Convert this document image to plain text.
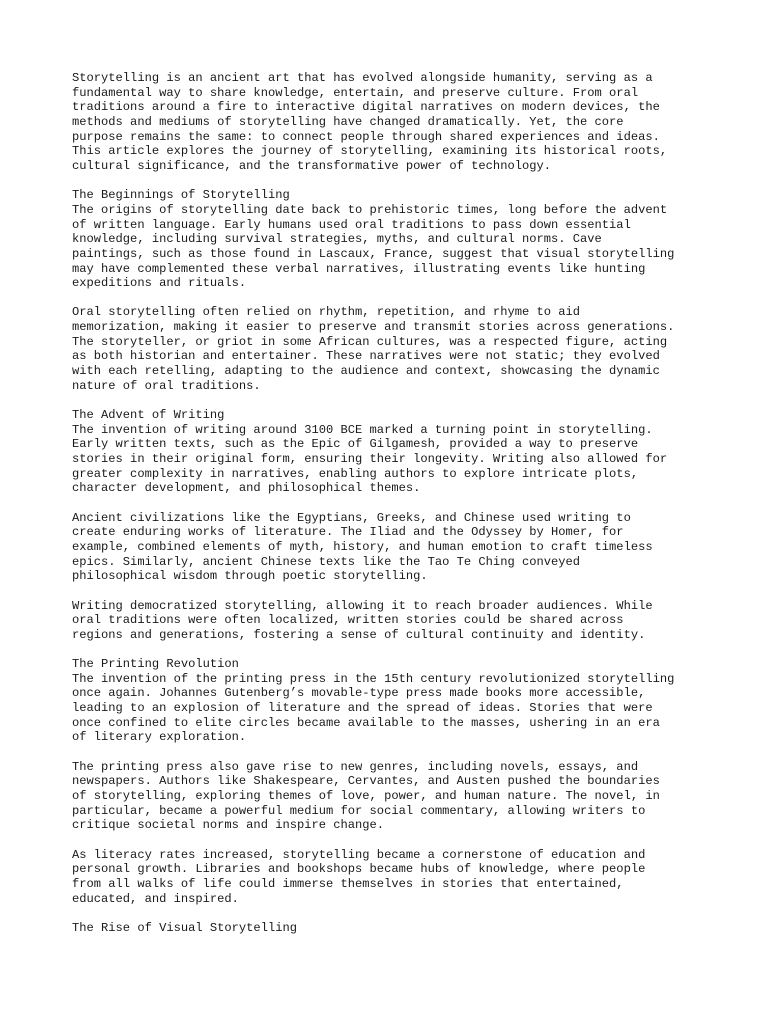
Storytelling is an ancient art that has evolved alongside humanity, serving as a
fundamental way to share knowledge, entertain, and preserve culture. From oral
traditions around a fire to interactive digital narratives on modern devices, the
methods and mediums of storytelling have changed dramatically. Yet, the core
purpose remains the same: to connect people through shared experiences and ideas.
This article explores the journey of storytelling, examining its historical roots,
cultural significance, and the transformative power of technology.

The Beginnings of Storytelling

The origins of storytelling date back to prehistoric times, long before the advent
of written language. Early humans used oral traditions to pass down essential
knowledge, including survival strategies, myths, and cultural norms. Cave
paintings, such as those found in Lascaux, France, suggest that visual storytelling
may have complemented these verbal narratives, illustrating events like hunting
expeditions and rituals.

Oral storytelling often relied on rhythm, repetition, and rhyme to aid
memorization, making it easier to preserve and transmit stories across generations.
The storyteller, or griot in some African cultures, was a respected figure, acting
as both historian and entertainer. These narratives were not static; they evolved
with each retelling, adapting to the audience and context, showcasing the dynamic
nature of oral traditions.

The Advent of Writing

The invention of writing around 3100 BCE marked a turning point in storytelling.
Early written texts, such as the Epic of Gilgamesh, provided a way to preserve
stories in their original form, ensuring their longevity. Writing also allowed for
greater complexity in narratives, enabling authors to explore intricate plots,
character development, and philosophical themes.

Ancient civilizations like the Egyptians, Greeks, and Chinese used writing to
create enduring works of literature. The Iliad and the Odyssey by Homer, for
example, combined elements of myth, history, and human emotion to craft timeless
epics. Similarly, ancient Chinese texts like the Tao Te Ching conveyed
philosophical wisdom through poetic storytelling.

Writing democratized storytelling, allowing it to reach broader audiences. While
oral traditions were often localized, written stories could be shared across
regions and generations, fostering a sense of cultural continuity and identity.

The Printing Revolution

The invention of the printing press in the 15th century revolutionized storytelling
once again. Johannes Gutenberg’s movable-type press made books more accessible,
leading to an explosion of literature and the spread of ideas. Stories that were
once confined to elite circles became available to the masses, ushering in an era
of literary exploration.

The printing press also gave rise to new genres, including novels, essays, and
newspapers. Authors like Shakespeare, Cervantes, and Austen pushed the boundaries
of storytelling, exploring themes of love, power, and human nature. The novel, in
particular, became a powerful medium for social commentary, allowing writers to
critique societal norms and inspire change.

As literacy rates increased, storytelling became a cornerstone of education and
personal growth. Libraries and bookshops became hubs of knowledge, where people
from all walks of life could immerse themselves in stories that entertained,
educated, and inspired.

The Rise of Visual Storytelling
